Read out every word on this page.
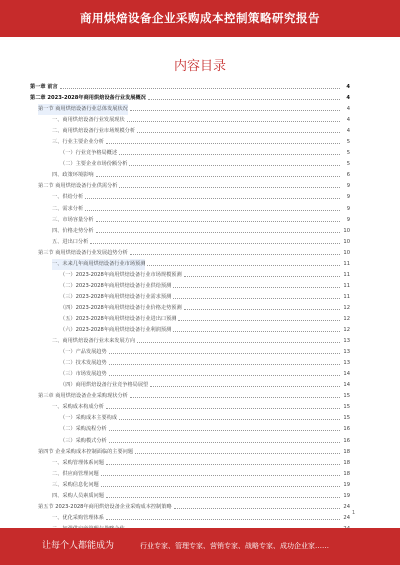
商用烘焙设备企业采购成本控制策略研究报告
内容目录
第一章 前言	4
第二章 2023-2028年商用烘焙设备行业发展概况	4
第一节 商用烘焙设备行业总体发展状况	4
一、商用烘焙设备行业发展现状	4
二、商用烘焙设备行业市场规模分析	4
三、行业主要企业分析	5
（一）行业竞争格局概述	5
（二）主要企业市场份额分析	5
四、政策环境影响	6
第二节 商用烘焙设备行业供需分析	9
一、供给分析	9
二、需求分析	9
三、市场容量分析	9
四、价格走势分析	10
五、进出口分析	10
第三节 商用烘焙设备行业发展趋势分析	10
一、未来几年商用烘焙设备行业市场预测	11
（一）2023-2028年商用烘焙设备行业市场规模预测	11
（二）2023-2028年商用烘焙设备行业供给预测	11
（三）2023-2028年商用烘焙设备行业需求预测	11
（四）2023-2028年商用烘焙设备行业价格走势预测	12
（五）2023-2028年商用烘焙设备行业进出口预测	12
（六）2023-2028年商用烘焙设备行业利润预测	12
二、商用烘焙设备行业未来发展方向	13
（一）产品发展趋势	13
（二）技术发展趋势	13
（三）市场发展趋势	14
（四）商用烘焙设备行业竞争格局展望	14
第三章 商用烘焙设备企业采购现状分析	15
一、采购成本构成分析	15
（一）采购成本主要构成	15
（二）采购流程分析	16
（三）采购模式分析	16
第四节 企业采购成本控制面临的主要问题	18
一、采购管理体系问题	18
二、供应商管理问题	18
三、采购信息化问题	19
四、采购人员素质问题	19
第五节 2023-2028年商用烘焙设备企业采购成本控制策略	24
一、优化采购管理体系	24
1
让每个人都能成为	行业专家、管理专家、营销专家、战略专家、成功企业家……
